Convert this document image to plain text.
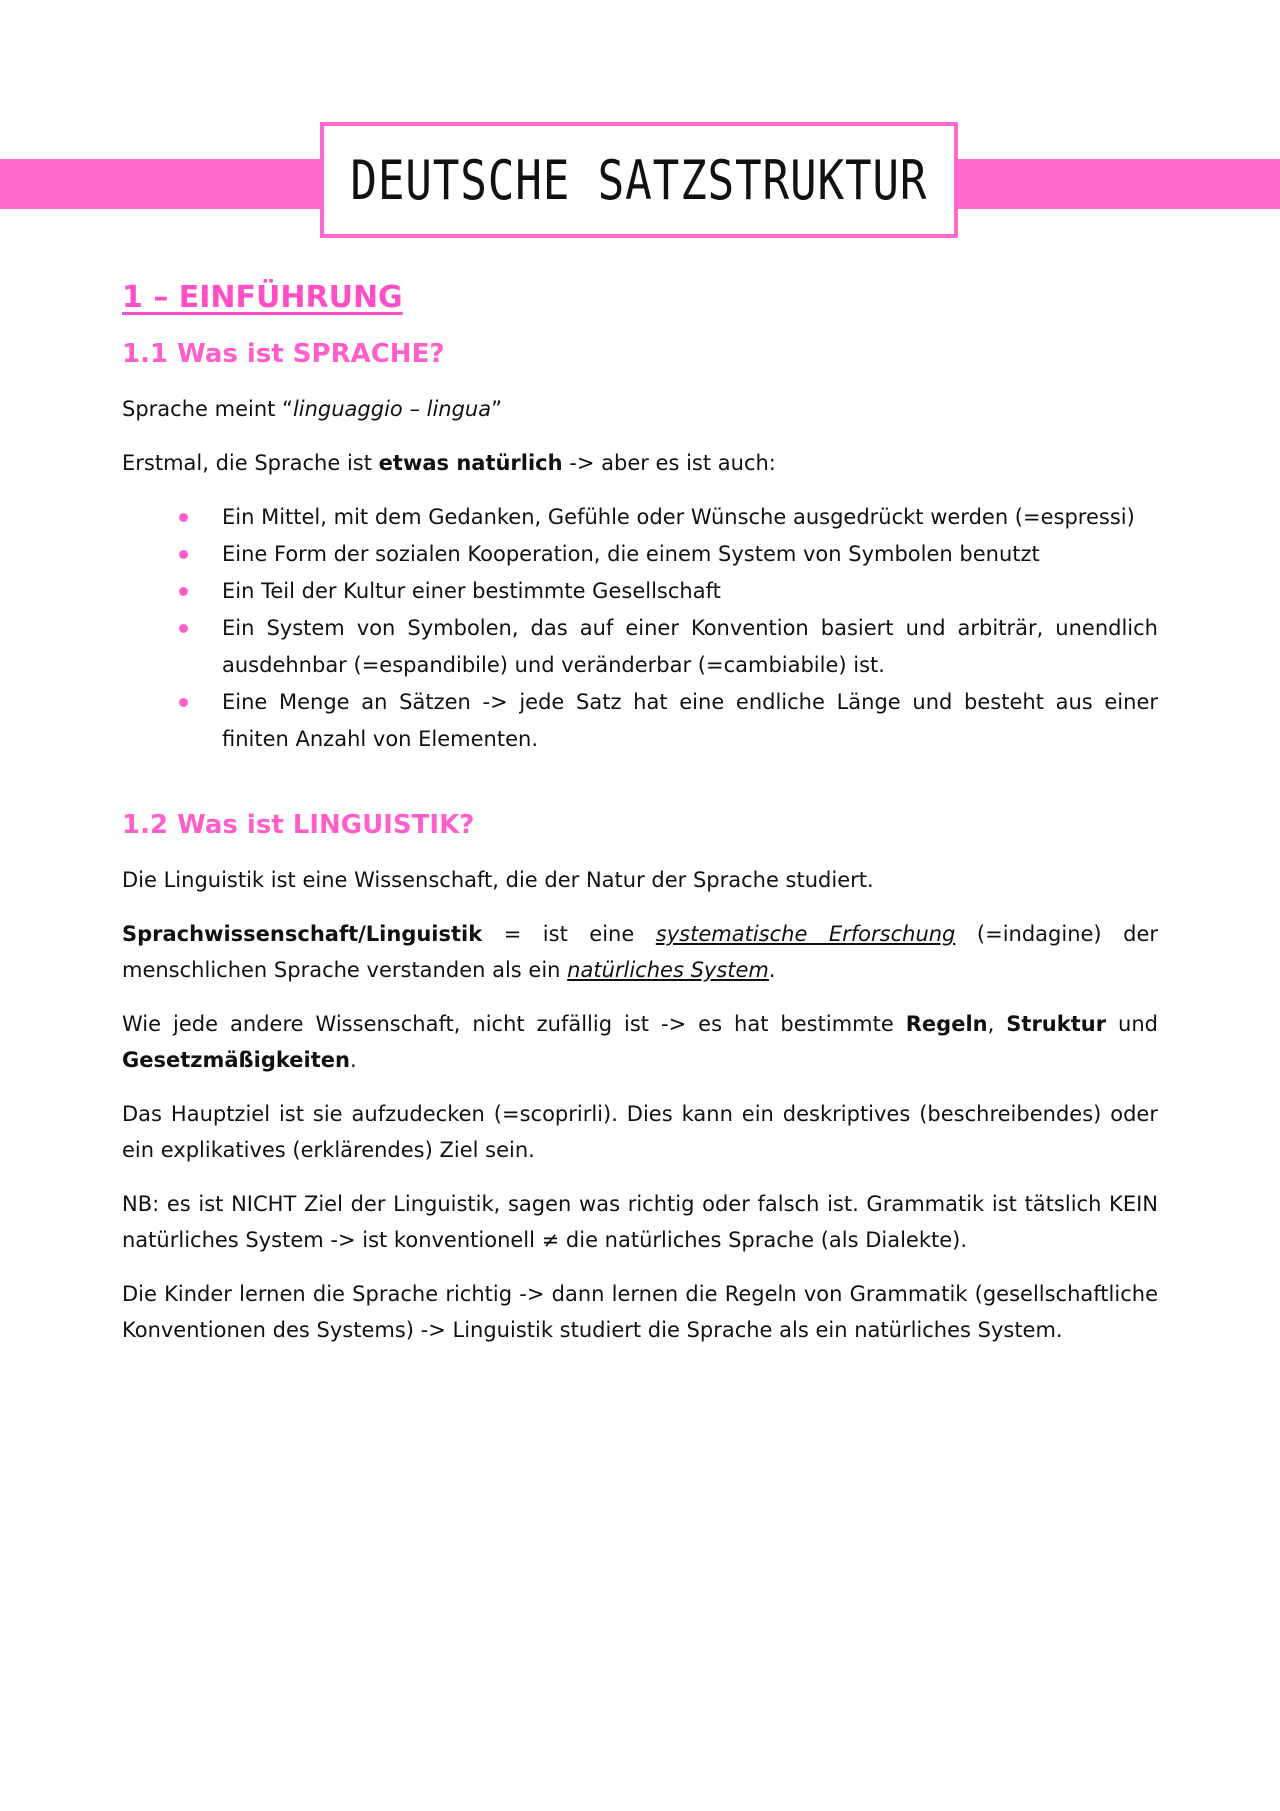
DEUTSCHE SATZSTRUKTUR
1 – EINFÜHRUNG
1.1 Was ist SPRACHE?

Sprache meint “linguaggio – lingua”

Erstmal, die Sprache ist etwas natürlich -> aber es ist auch:

Ein Mittel, mit dem Gedanken, Gefühle oder Wünsche ausgedrückt werden (=espressi)
Eine Form der sozialen Kooperation, die einem System von Symbolen benutzt
Ein Teil der Kultur einer bestimmte Gesellschaft
Ein System von Symbolen, das auf einer Konvention basiert und arbiträr, unendlich ausdehnbar (=espandibile) und veränderbar (=cambiabile) ist.
Eine Menge an Sätzen -> jede Satz hat eine endliche Länge und besteht aus einer finiten Anzahl von Elementen.
1.2 Was ist LINGUISTIK?

Die Linguistik ist eine Wissenschaft, die der Natur der Sprache studiert.

Sprachwissenschaft/Linguistik = ist eine systematische Erforschung (=indagine) der menschlichen Sprache verstanden als ein natürliches System.

Wie jede andere Wissenschaft, nicht zufällig ist -> es hat bestimmte Regeln, Struktur und Gesetzmäßigkeiten.

Das Hauptziel ist sie aufzudecken (=scoprirli). Dies kann ein deskriptives (beschreibendes) oder ein explikatives (erklärendes) Ziel sein.

NB: es ist NICHT Ziel der Linguistik, sagen was richtig oder falsch ist. Grammatik ist tätslich KEIN natürliches System -> ist konventionell ≠ die natürliches Sprache (als Dialekte).

Die Kinder lernen die Sprache richtig -> dann lernen die Regeln von Grammatik (gesellschaftliche Konventionen des Systems) -> Linguistik studiert die Sprache als ein natürliches System.
